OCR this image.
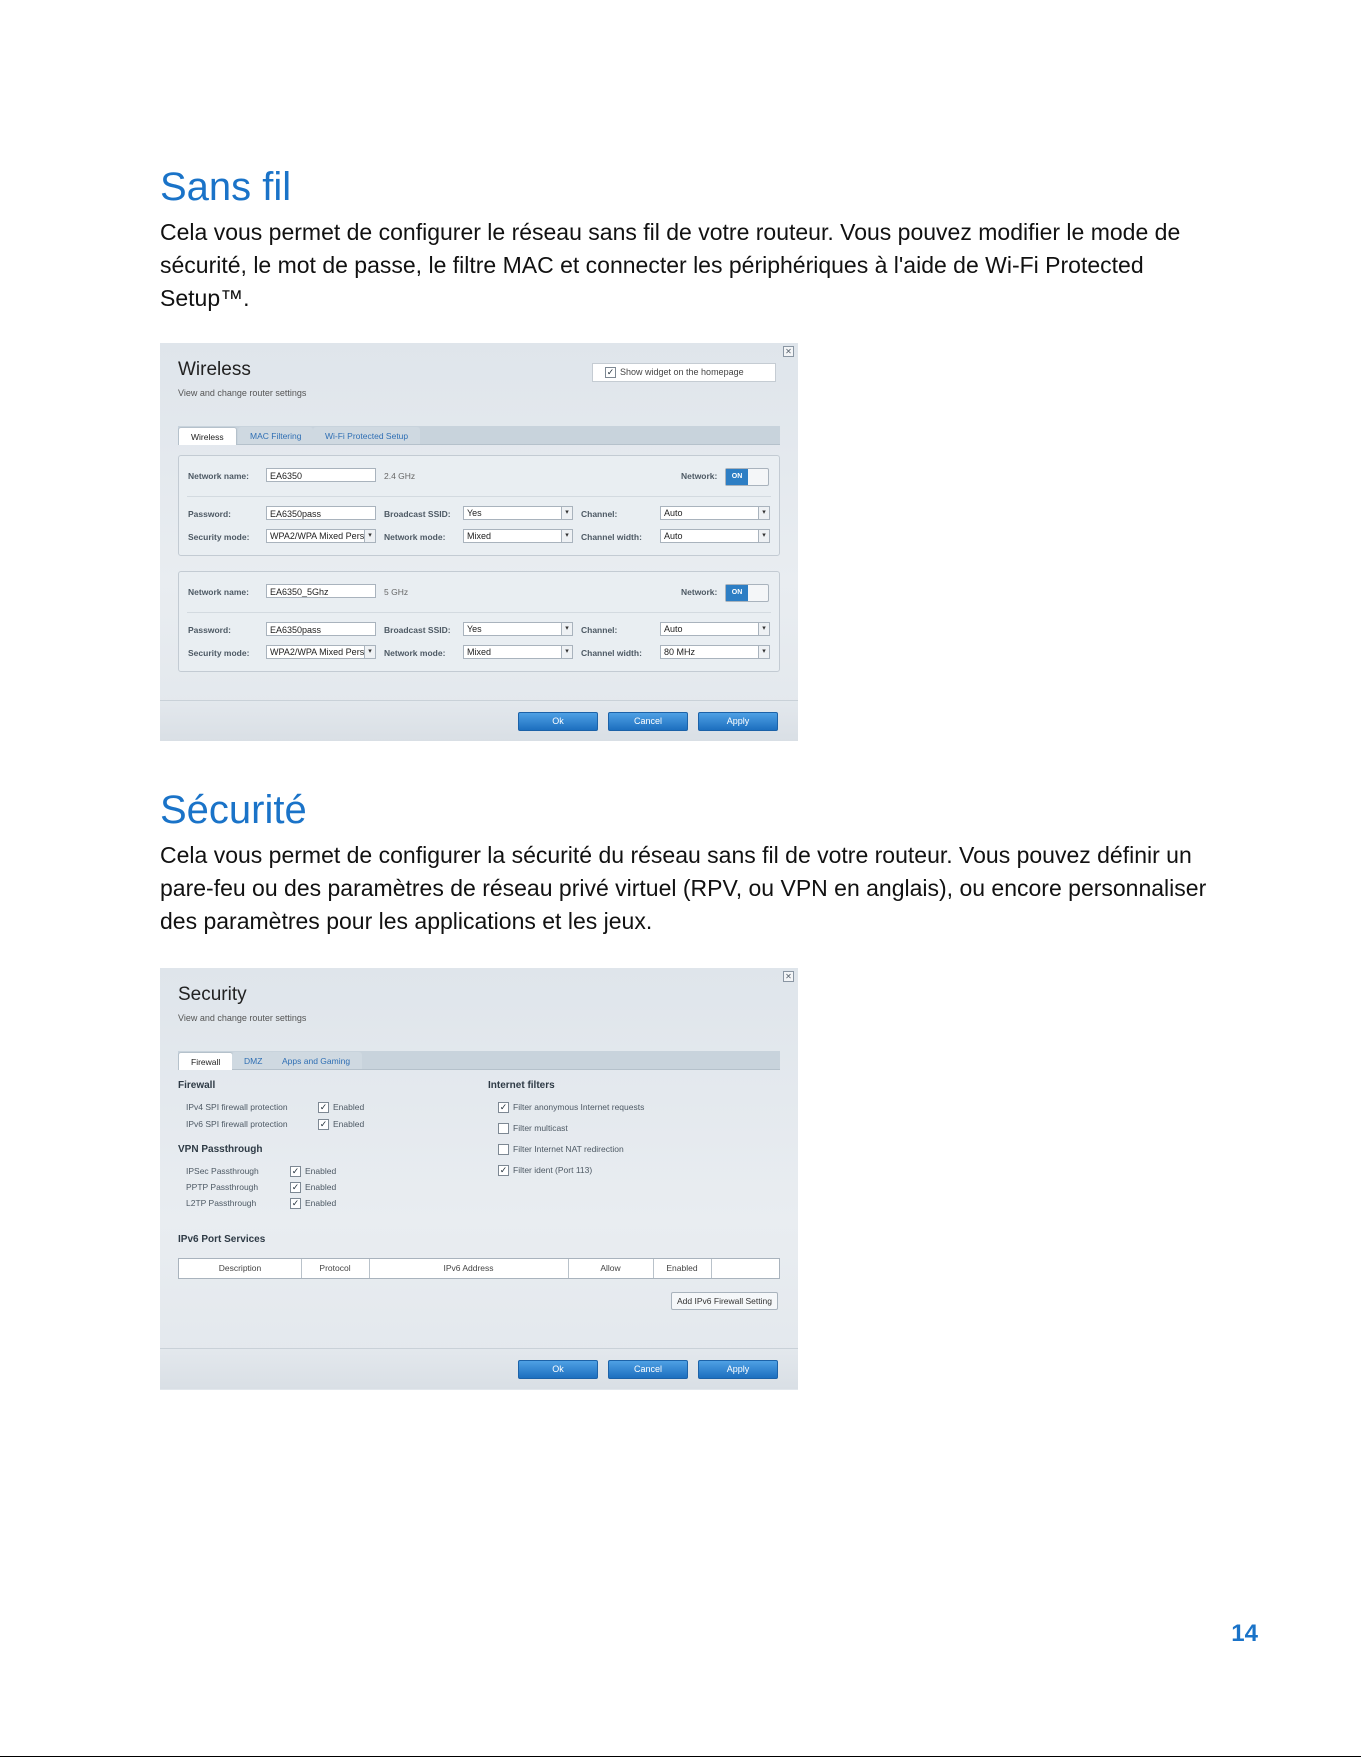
Sans fil
Cela vous permet de configurer le réseau sans fil de votre routeur. Vous pouvez modifier le mode de
sécurité, le mot de passe, le filtre MAC et connecter les périphériques à l'aide de Wi-Fi Protected
Setup™.
✕
Wireless
View and change router settings
✓ Show widget on the homepage
Wireless	MAC Filtering	Wi-Fi Protected Setup
Network name:	EA6350	2.4 GHz	Network:	ON
Password:	EA6350pass	Broadcast SSID:	Yes	▾	Channel:	Auto	▾
Security mode:	WPA2/WPA Mixed Pers ▾	Network mode:	Mixed	▾	Channel width:	Auto	▾
Network name:	EA6350_5Ghz	5 GHz	Network:	ON
Password:	EA6350pass	Broadcast SSID:	Yes	▾	Channel:	Auto	▾
Security mode:	WPA2/WPA Mixed Pers ▾	Network mode:	Mixed	▾	Channel width:	80 MHz	▾
Ok	Cancel	Apply
Sécurité
Cela vous permet de configurer la sécurité du réseau sans fil de votre routeur. Vous pouvez définir un
pare-feu ou des paramètres de réseau privé virtuel (RPV, ou VPN en anglais), ou encore personnaliser
des paramètres pour les applications et les jeux.
✕
Security
View and change router settings
Firewall	DMZ	Apps and Gaming
Firewall
IPv4 SPI firewall protection	✓ Enabled
IPv6 SPI firewall protection	✓ Enabled
VPN Passthrough
IPSec Passthrough	✓ Enabled
PPTP Passthrough	✓ Enabled
L2TP Passthrough	✓ Enabled
Internet filters
✓ Filter anonymous Internet requests
Filter multicast
Filter Internet NAT redirection
✓ Filter ident (Port 113)
IPv6 Port Services
Description	Protocol	IPv6 Address	Allow	Enabled
Add IPv6 Firewall Setting
Ok	Cancel	Apply
14
